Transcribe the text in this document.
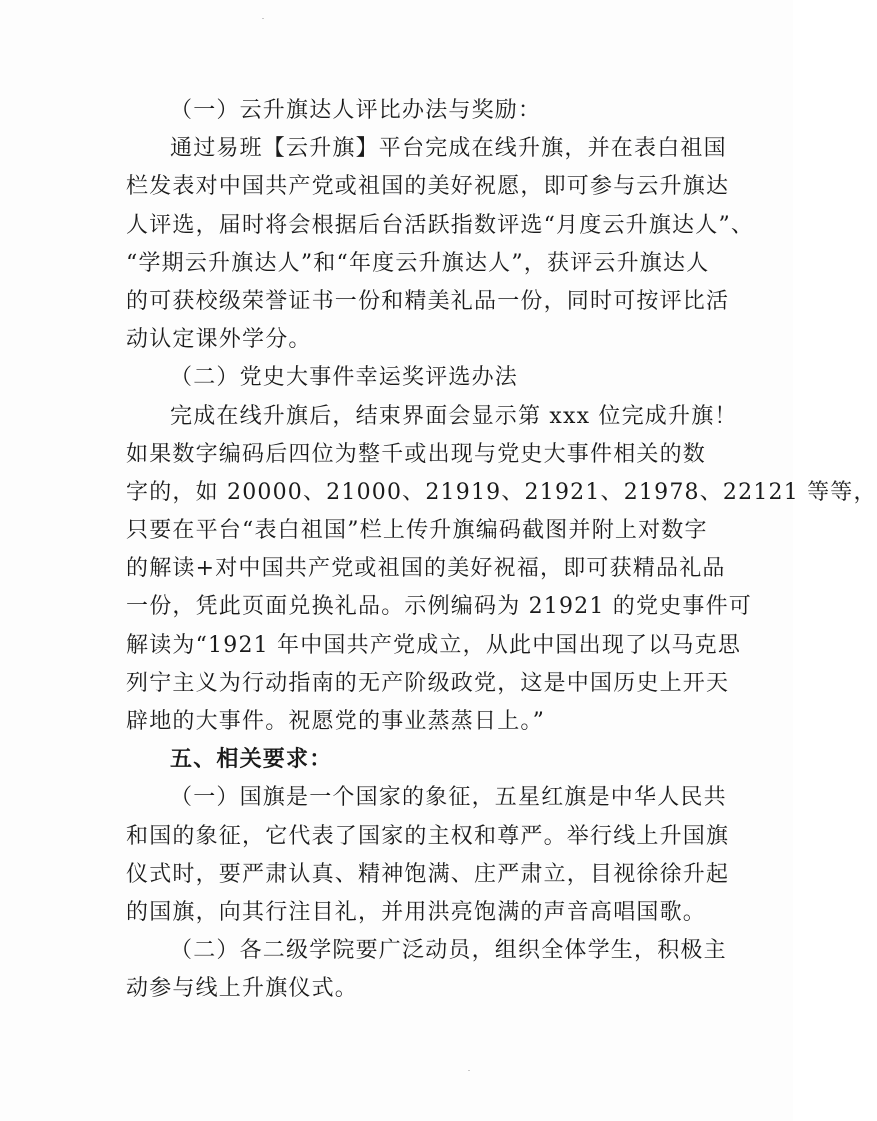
（一）云升旗达人评比办法与奖励：
通过易班【云升旗】平台完成在线升旗，并在表白祖国
栏发表对中国共产党或祖国的美好祝愿，即可参与云升旗达
人评选，届时将会根据后台活跃指数评选“月度云升旗达人”、
“学期云升旗达人”和“年度云升旗达人”，获评云升旗达人
的可获校级荣誉证书一份和精美礼品一份，同时可按评比活
动认定课外学分。
（二）党史大事件幸运奖评选办法
完成在线升旗后，结束界面会显示第 xxx 位完成升旗！
如果数字编码后四位为整千或出现与党史大事件相关的数
字的，如 20000、21000、21919、21921、21978、22121 等等，
只要在平台“表白祖国”栏上传升旗编码截图并附上对数字
的解读+对中国共产党或祖国的美好祝福，即可获精品礼品
一份，凭此页面兑换礼品。示例编码为 21921 的党史事件可
解读为“1921 年中国共产党成立，从此中国出现了以马克思
列宁主义为行动指南的无产阶级政党，这是中国历史上开天
辟地的大事件。祝愿党的事业蒸蒸日上。”
五、相关要求：
（一）国旗是一个国家的象征，五星红旗是中华人民共
和国的象征，它代表了国家的主权和尊严。举行线上升国旗
仪式时，要严肃认真、精神饱满、庄严肃立，目视徐徐升起
的国旗，向其行注目礼，并用洪亮饱满的声音高唱国歌。
（二）各二级学院要广泛动员，组织全体学生，积极主
动参与线上升旗仪式。
